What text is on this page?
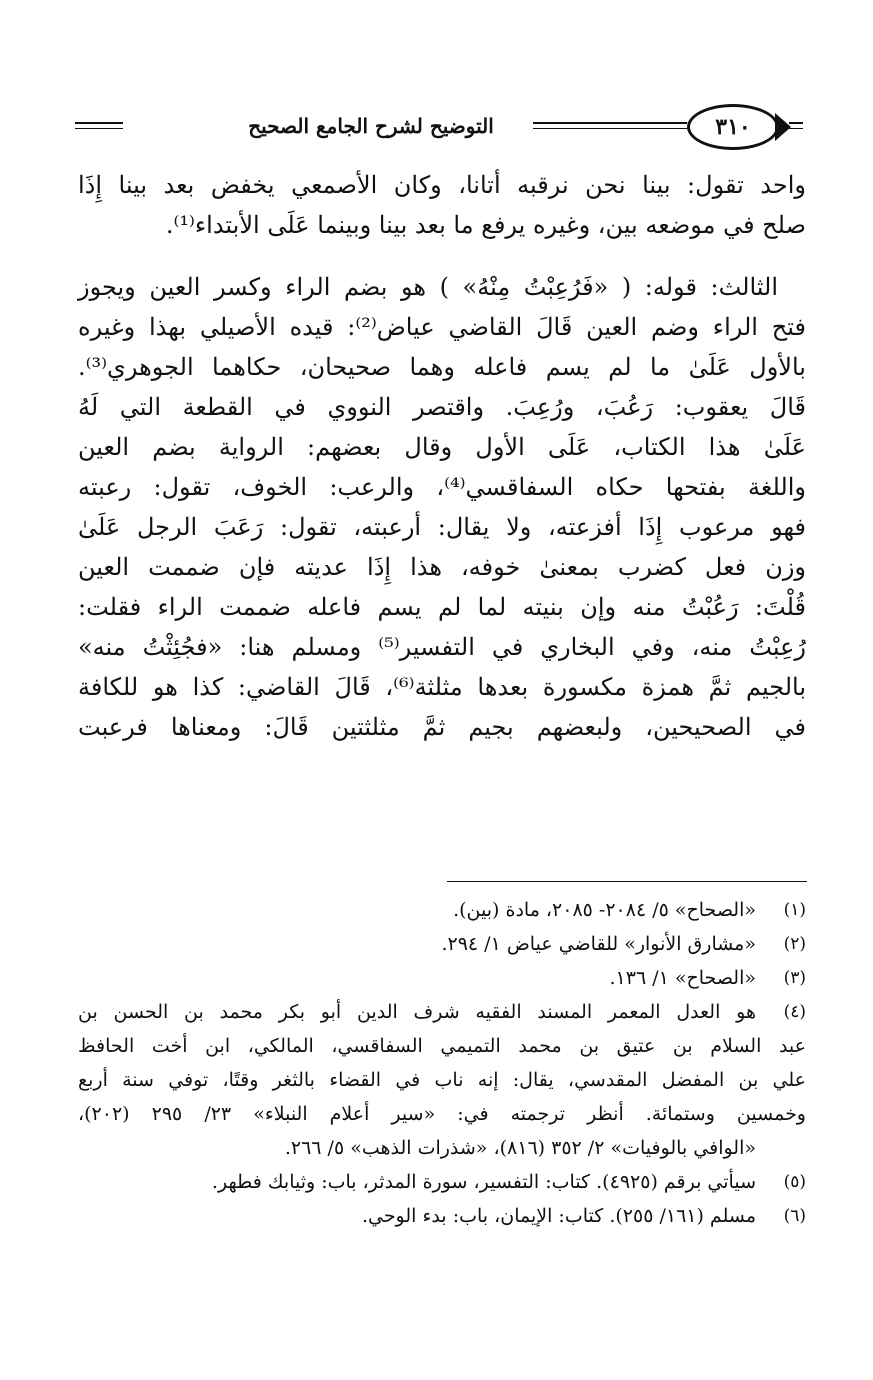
التوضيح لشرح الجامع الصحيح	٣١٠
واحد تقول: بينا نحن نرقبه أتانا، وكان الأصمعي يخفض بعد بينا إِذَا
صلح في موضعه بين، وغيره يرفع ما بعد بينا وبينما عَلَى الأبتداء⁽¹⁾.
الثالث: قوله: ( «فَرُعِبْتُ مِنْهُ» ) هو بضم الراء وكسر العين ويجوز
فتح الراء وضم العين قَالَ القاضي عياض⁽²⁾: قيده الأصيلي بهذا وغيره
بالأول عَلَىٰ ما لم يسم فاعله وهما صحيحان، حكاهما الجوهري⁽³⁾.
قَالَ يعقوب: رَعُبَ، ورُعِبَ. واقتصر النووي في القطعة التي لَهُ
عَلَىٰ هذا الكتاب، عَلَى الأول وقال بعضهم: الرواية بضم العين
واللغة بفتحها حكاه السفاقسي⁽⁴⁾، والرعب: الخوف، تقول: رعبته
فهو مرعوب إِذَا أفزعته، ولا يقال: أرعبته، تقول: رَعَبَ الرجل عَلَىٰ
وزن فعل كضرب بمعنىٰ خوفه، هذا إِذَا عديته فإن ضممت العين
قُلْتَ: رَعُبْتُ منه وإن بنيته لما لم يسم فاعله ضممت الراء فقلت:
رُعِبْتُ منه، وفي البخاري في التفسير⁽⁵⁾ ومسلم هنا: «فجُئِثْتُ منه»
بالجيم ثمَّ همزة مكسورة بعدها مثلثة⁽⁶⁾، قَالَ القاضي: كذا هو للكافة
في الصحيحين، ولبعضهم بجيم ثمَّ مثلثتين قَالَ: ومعناها فرعبت
(١)
«الصحاح» ٥/ ٢٠٨٤- ٢٠٨٥، مادة (بين).
(٢)
«مشارق الأنوار» للقاضي عياض ١/ ٢٩٤.
(٣)
«الصحاح» ١/ ١٣٦.
(٤)
هو العدل المعمر المسند الفقيه شرف الدين أبو بكر محمد بن الحسن بن
عبد السلام بن عتيق بن محمد التميمي السفاقسي، المالكي، ابن أخت الحافظ
علي بن المفضل المقدسي، يقال: إنه ناب في القضاء بالثغر وقتًا، توفي سنة أربع
وخمسين وستمائة. أنظر ترجمته في: «سير أعلام النبلاء» ٢٣/ ٢٩٥ (٢٠٢)،
«الوافي بالوفيات» ٢/ ٣٥٢ (٨١٦)، «شذرات الذهب» ٥/ ٢٦٦.
(٥)
سيأتي برقم (٤٩٢٥). كتاب: التفسير، سورة المدثر، باب: وثيابك فطهر.
(٦)
مسلم (١٦١/ ٢٥٥). كتاب: الإيمان، باب: بدء الوحي.
